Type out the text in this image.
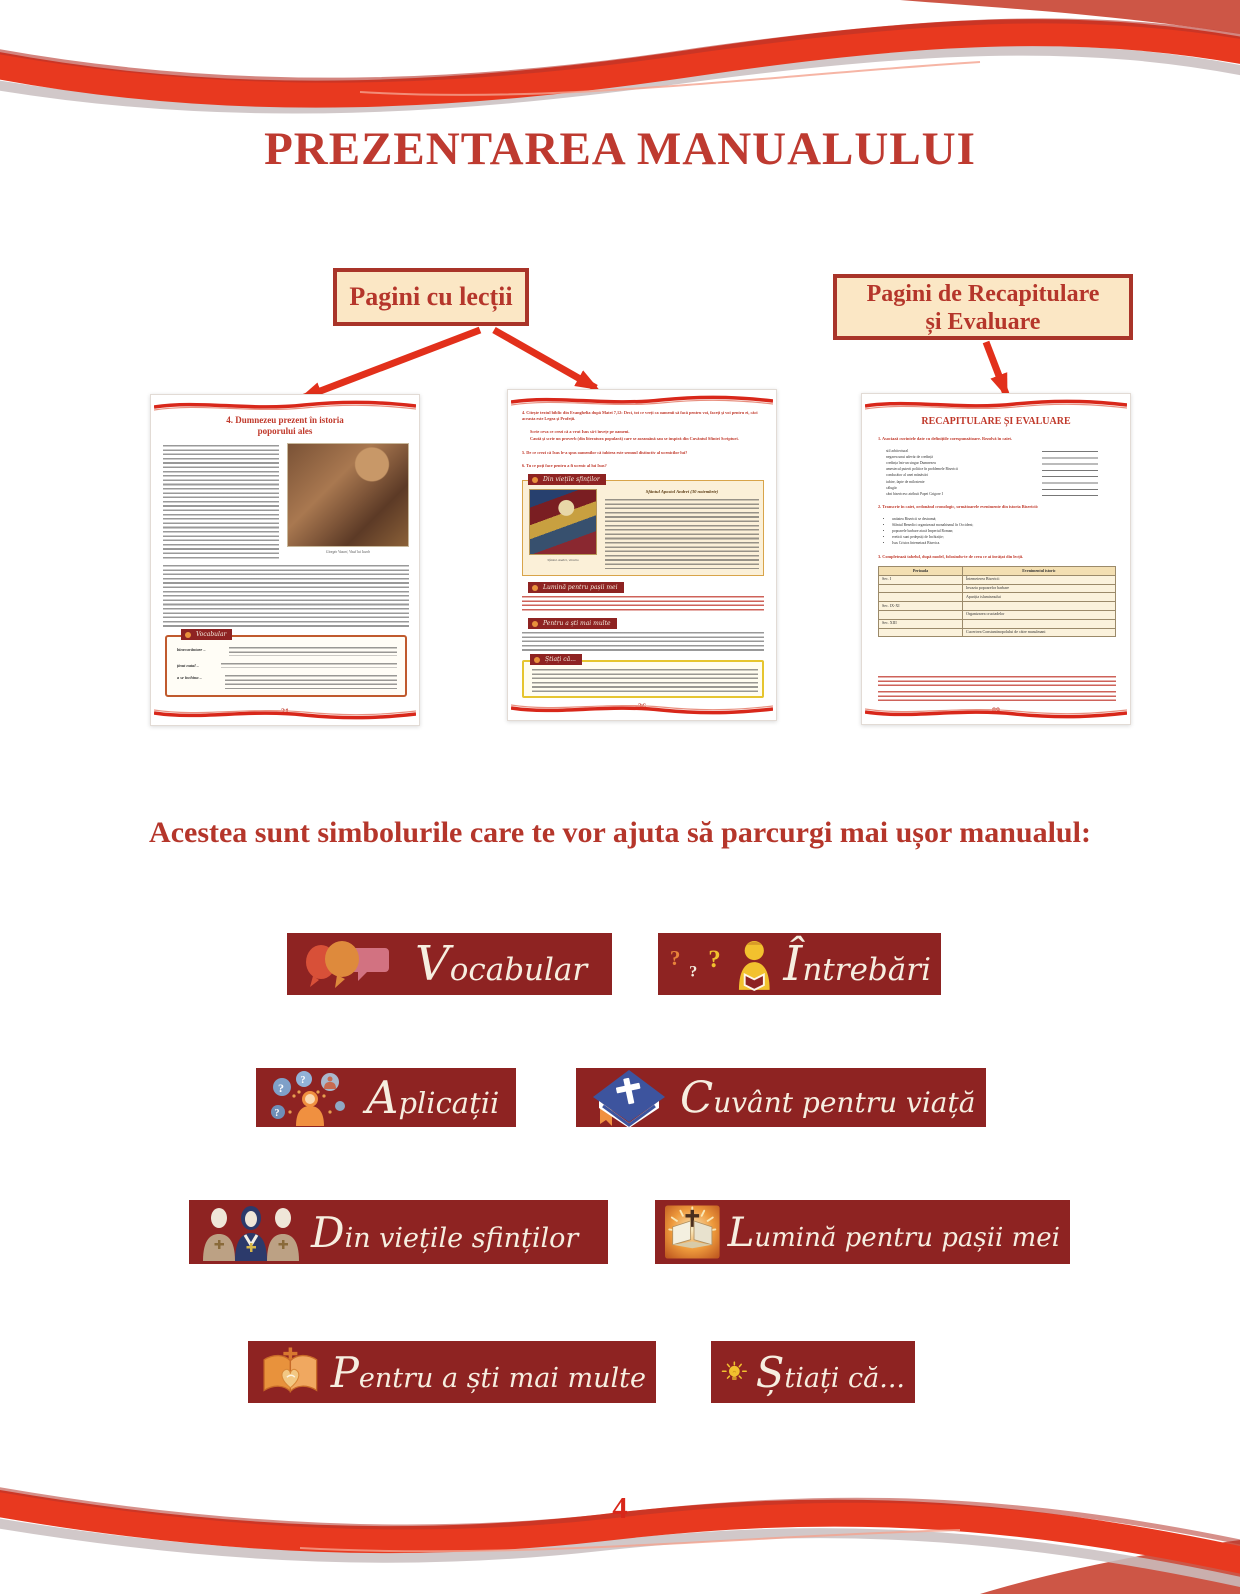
PREZENTAREA MANUALULUI
Pagini cu lecții	Pagini de Recapitulare
și Evaluare
4. Dumnezeu prezent în istoria
poporului ales
Giorgio Vasari, Visul lui Iacob
Vocabular
binecuvântare –
ținut natal –
a se închina –
21
4. Citește textul biblic din Evanghelia după Matei 7,12: Deci, tot ce vreți ca oamenii să facă pentru voi, faceți și voi pentru ei, căci aceasta este Legea și Profeții.
Scrie ceva ce crezi că a vrut Isus să-i învețe pe oameni.
Caută și scrie un proverb (din literatura populară) care se aseamănă sau se inspiră din Cuvântul Sfintei Scripturi.
5. De ce crezi că Isus le-a spus oamenilor că iubirea este semnul distinctiv al ucenicilor lui?
6. Tu ce poți face pentru a fi ucenic al lui Isus?
Din viețile sfinților
Sfântul Andrei, vitraliu
Sfântul Apostol Andrei (30 noiembrie)
Lumină pentru pașii mei
Pentru a ști mai multe
Știați că...
36
RECAPITULARE ȘI EVALUARE
1. Asociază cuvintele date cu definițiile corespunzătoare. Rezolvă în caiet.
stil arhitectural
negarea unui adevăr de credință
credința într-un singur Dumnezeu
amestecul puterii politice în problemele Bisericii
conducător al unei mănăstiri
iubire, fapte de milostenie
călugăr
cânt bisericesc atribuit Papei Grigore I
2. Transcrie în caiet, ordonând cronologic, următoarele evenimente din istoria Bisericii:
• unitatea Bisericii se destramă;
• Sfântul Benedict organizează monahismul în Occident;
• popoarele barbare atacă Imperiul Roman;
• ereticii sunt pedepsiți de Inchiziție;
• Isus Cristos întemeiază Biserica.
3. Completează tabelul, după model, folosindu-te de ceea ce ai învățat din lecții.
Perioada	Evenimentul istoric
Sec. I	Întemeierea Bisericii
	Invazia popoarelor barbare
	Apariția islamismului
Sec. IX-XI	
	Organizarea cruciadelor
Sec. XIII	
	Cucerirea Constantinopolului de către musulmani
89
Acestea sunt simbolurile care te vor ajuta să parcurgi mai ușor manualul:
Vocabular	?
? ? Întrebări
?
?
?	Aplicații	Cuvânt pentru viață
Din viețile sfinților	Lumină pentru pașii mei
Pentru a ști mai multe	Știați că...
4
